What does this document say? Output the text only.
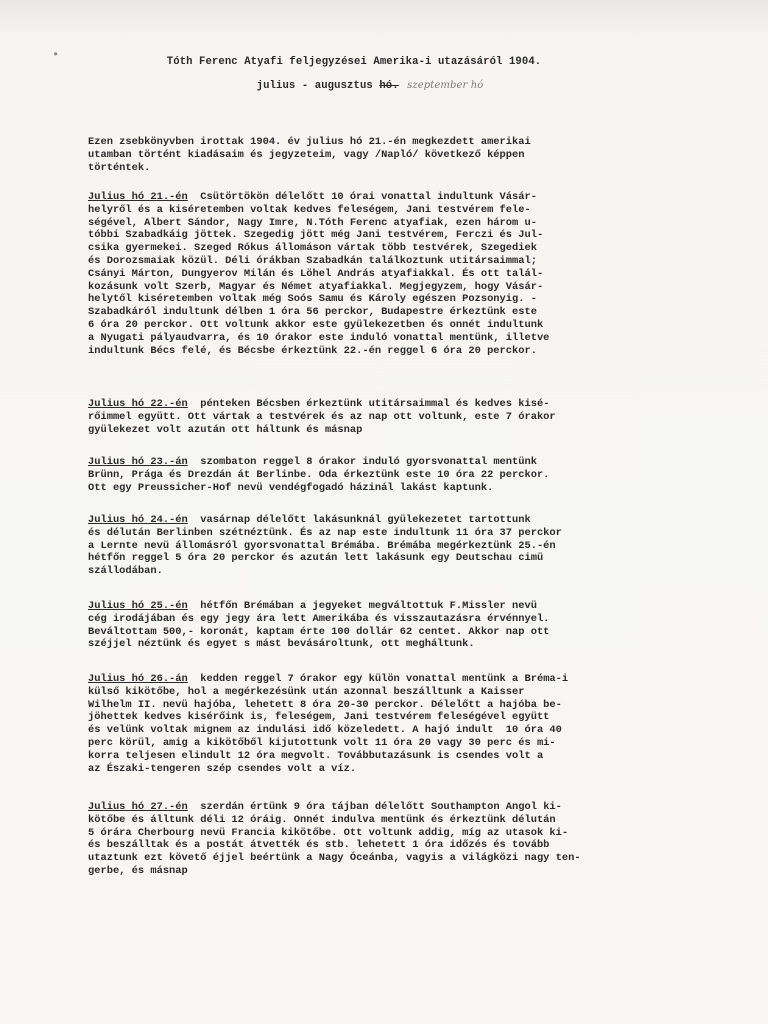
•	Tóth Ferenc Atyafi feljegyzései Amerika-i utazásáról 1904.
julius - augusztus hó. szeptember hó
Ezen zsebkönyvben irottak 1904. év julius hó 21.-én megkezdett amerikai
utamban történt kiadásaim és jegyzeteim, vagy /Napló/ következő képpen
történtek.
Julius hó 21.-én  Csütörtökön délelőtt 10 órai vonattal indultunk Vásár-
helyről és a kiséretemben voltak kedves feleségem, Jani testvérem fele-
ségével, Albert Sándor, Nagy Imre, N.Tóth Ferenc atyafiak, ezen három u-
tóbbi Szabadkáig jöttek. Szegedig jött még Jani testvérem, Ferczi és Jul-
csika gyermekei. Szeged Rókus állomáson vártak több testvérek, Szegediek
és Dorozsmaiak közül. Déli órákban Szabadkán találkoztunk utitársaimmal;
Csányi Márton, Dungyerov Milán és Löhel András atyafiakkal. És ott talál-
kozásunk volt Szerb, Magyar és Német atyafiakkal. Megjegyzem, hogy Vásár-
helytől kiséretemben voltak még Soós Samu és Károly egészen Pozsonyig. -
Szabadkáról indultunk délben 1 óra 56 perckor, Budapestre érkeztünk este
6 óra 20 perckor. Ott voltunk akkor este gyülekezetben és onnét indultunk
a Nyugati pályaudvarra, és 10 órakor este induló vonattal mentünk, illetve
indultunk Bécs felé, és Bécsbe érkeztünk 22.-én reggel 6 óra 20 perckor.
Julius hó 22.-én  pénteken Bécsben érkeztünk utitársaimmal és kedves kisé-
rőimmel együtt. Ott vártak a testvérek és az nap ott voltunk, este 7 órakor
gyülekezet volt azután ott háltunk és másnap
Julius hó 23.-án  szombaton reggel 8 órakor induló gyorsvonattal mentünk
Brünn, Prága és Drezdán át Berlinbe. Oda érkeztünk este 10 óra 22 perckor.
Ott egy Preussicher-Hof nevü vendégfogadó házinál lakást kaptunk.
Julius hó 24.-én  vasárnap délelőtt lakásunknál gyülekezetet tartottunk
és délután Berlinben szétnéztünk. És az nap este indultunk 11 óra 37 perckor
a Lernte nevü állomásról gyorsvonattal Brémába. Brémába megérkeztünk 25.-én
hétfőn reggel 5 óra 20 perckor és azután lett lakásunk egy Deutschau cimü
szállodában.
Julius hó 25.-én  hétfőn Brémában a jegyeket megváltottuk F.Missler nevü
cég irodájában és egy jegy ára lett Amerikába és visszautazásra érvénnyel.
Beváltottam 500,- koronát, kaptam érte 100 dollár 62 centet. Akkor nap ott
széjjel néztünk és egyet s mást bevásároltunk, ott megháltunk.
Julius hó 26.-án  kedden reggel 7 órakor egy külön vonattal mentünk a Bréma-i
külső kikötőbe, hol a megérkezésünk után azonnal beszálltunk a Kaisser
Wilhelm II. nevü hajóba, lehetett 8 óra 20-30 perckor. Délelőtt a hajóba be-
jöhettek kedves kisérőink is, feleségem, Jani testvérem feleségével együtt
és velünk voltak mignem az indulási idő közeledett. A hajó indult  10 óra 40
perc körül, amig a kikötőből kijutottunk volt 11 óra 20 vagy 30 perc és mi-
korra teljesen elindult 12 óra megvolt. Továbbutazásunk is csendes volt a
az Északi-tengeren szép csendes volt a víz.
Julius hó 27.-én  szerdán értünk 9 óra tájban délelőtt Southampton Angol ki-
kötőbe és álltunk déli 12 óráig. Onnét indulva mentünk és érkeztünk délután
5 órára Cherbourg nevü Francia kikötőbe. Ott voltunk addig, míg az utasok ki-
és beszálltak és a postát átvették és stb. lehetett 1 óra időzés és tovább
utaztunk ezt követő éjjel beértünk a Nagy Óceánba, vagyis a világközi nagy ten-
gerbe, és másnap
